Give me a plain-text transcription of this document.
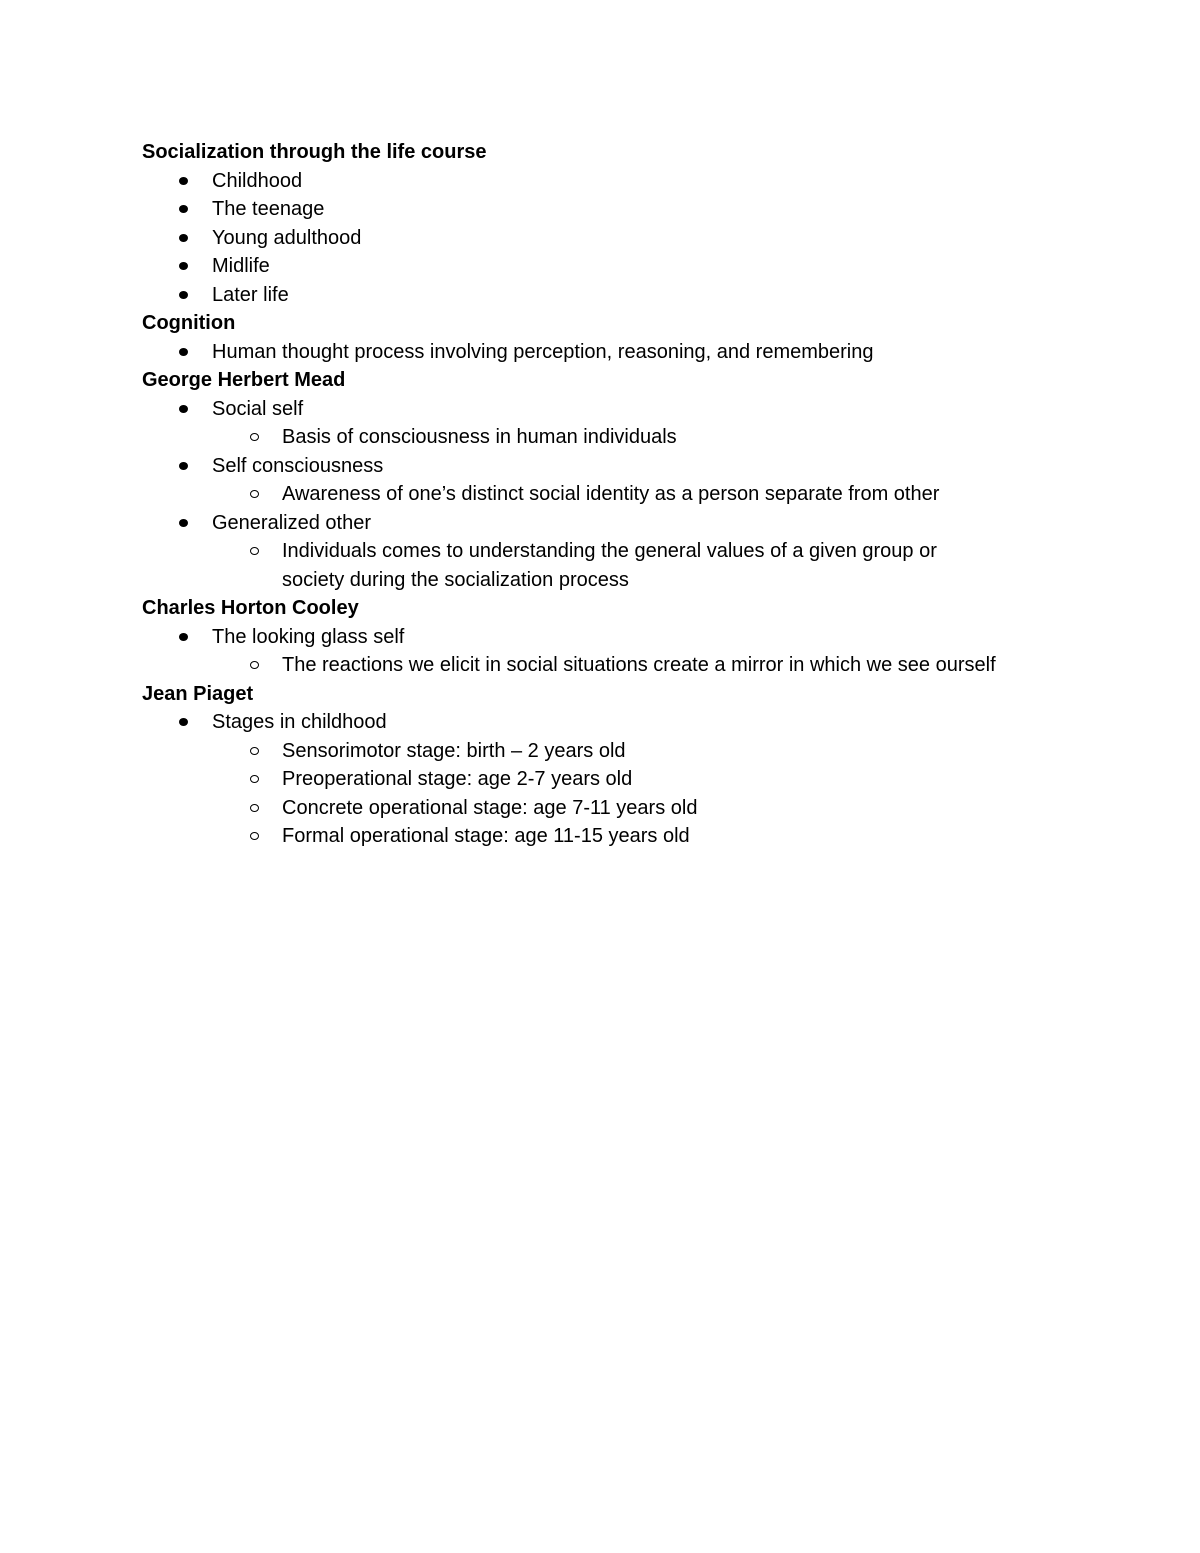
Socialization through the life course
Childhood
The teenage
Young adulthood
Midlife
Later life
Cognition
Human thought process involving perception, reasoning, and remembering
George Herbert Mead
Social self
Basis of consciousness in human individuals
Self consciousness
Awareness of one’s distinct social identity as a person separate from other
Generalized other
Individuals comes to understanding the general values of a given group or society during the socialization process
Charles Horton Cooley
The looking glass self
The reactions we elicit in social situations create a mirror in which we see ourself
Jean Piaget
Stages in childhood
Sensorimotor stage: birth – 2 years old
Preoperational stage: age 2-7 years old
Concrete operational stage: age 7-11 years old
Formal operational stage: age 11-15 years old
